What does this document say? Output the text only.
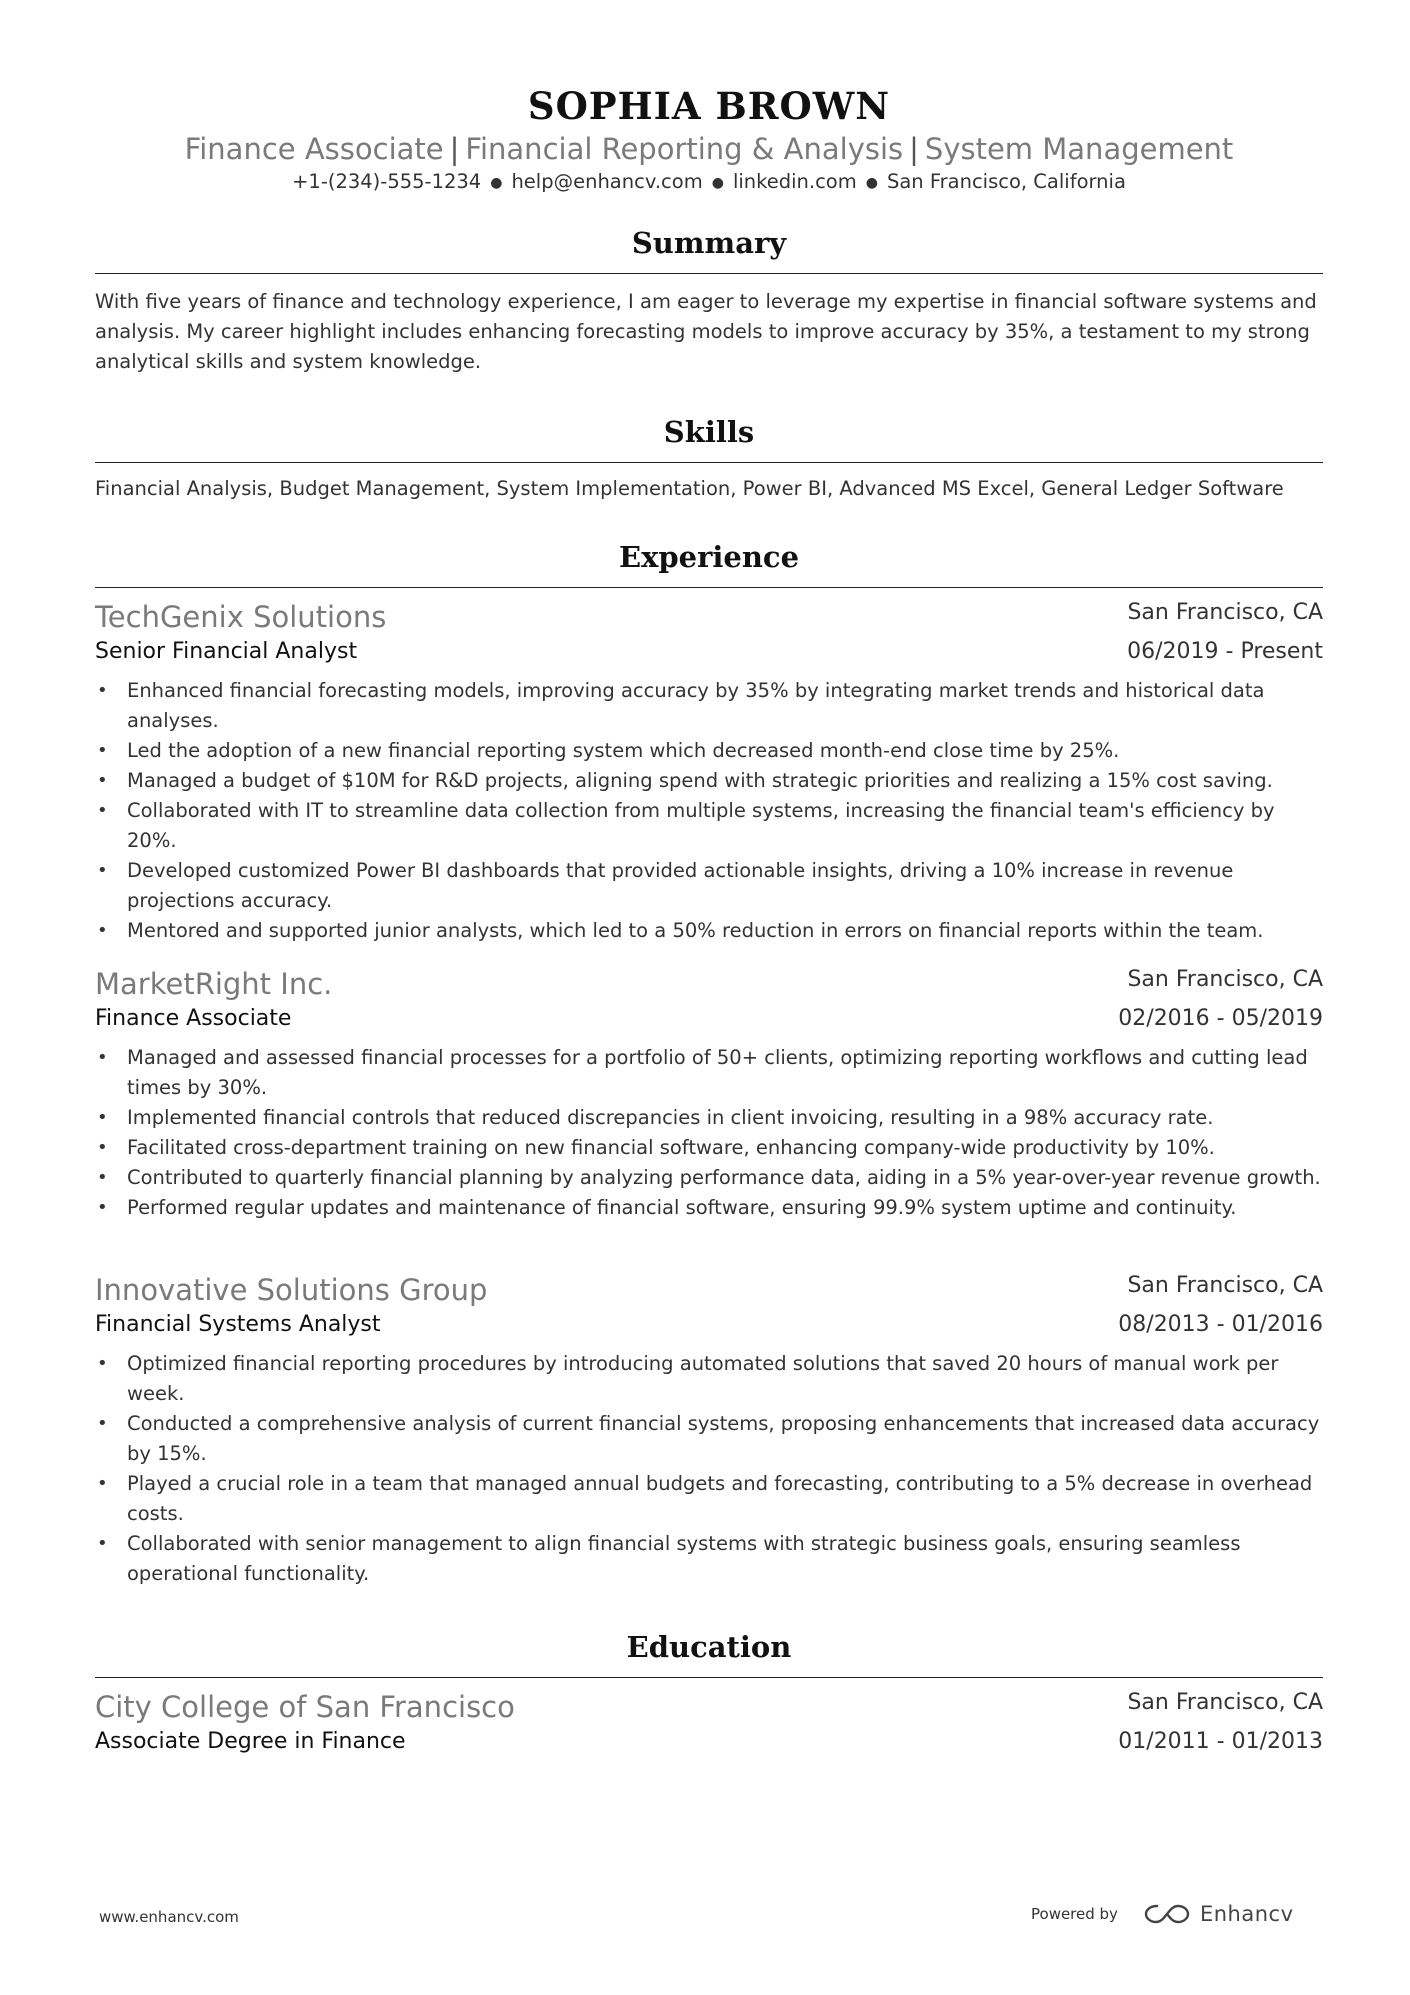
SOPHIA BROWN
Finance Associate | Financial Reporting & Analysis | System Management
+1-(234)-555-1234 ● help@enhancv.com ● linkedin.com ● San Francisco, California
Summary
With five years of finance and technology experience, I am eager to leverage my expertise in financial software systems and analysis. My career highlight includes enhancing forecasting models to improve accuracy by 35%, a testament to my strong analytical skills and system knowledge.
Skills
Financial Analysis, Budget Management, System Implementation, Power BI, Advanced MS Excel, General Ledger Software
Experience
TechGenix Solutions	San Francisco, CA
Senior Financial Analyst	06/2019 - Present
• Enhanced financial forecasting models, improving accuracy by 35% by integrating market trends and historical data analyses.
• Led the adoption of a new financial reporting system which decreased month-end close time by 25%.
• Managed a budget of $10M for R&D projects, aligning spend with strategic priorities and realizing a 15% cost saving.
• Collaborated with IT to streamline data collection from multiple systems, increasing the financial team's efficiency by 20%.
• Developed customized Power BI dashboards that provided actionable insights, driving a 10% increase in revenue projections accuracy.
• Mentored and supported junior analysts, which led to a 50% reduction in errors on financial reports within the team.
MarketRight Inc.	San Francisco, CA
Finance Associate	02/2016 - 05/2019
• Managed and assessed financial processes for a portfolio of 50+ clients, optimizing reporting workflows and cutting lead times by 30%.
• Implemented financial controls that reduced discrepancies in client invoicing, resulting in a 98% accuracy rate.
• Facilitated cross-department training on new financial software, enhancing company-wide productivity by 10%.
• Contributed to quarterly financial planning by analyzing performance data, aiding in a 5% year-over-year revenue growth.
• Performed regular updates and maintenance of financial software, ensuring 99.9% system uptime and continuity.
Innovative Solutions Group	San Francisco, CA
Financial Systems Analyst	08/2013 - 01/2016
• Optimized financial reporting procedures by introducing automated solutions that saved 20 hours of manual work per week.
• Conducted a comprehensive analysis of current financial systems, proposing enhancements that increased data accuracy by 15%.
• Played a crucial role in a team that managed annual budgets and forecasting, contributing to a 5% decrease in overhead costs.
• Collaborated with senior management to align financial systems with strategic business goals, ensuring seamless operational functionality.
Education
City College of San Francisco	San Francisco, CA
Associate Degree in Finance	01/2011 - 01/2013
www.enhancv.com	Powered by	Enhancv
